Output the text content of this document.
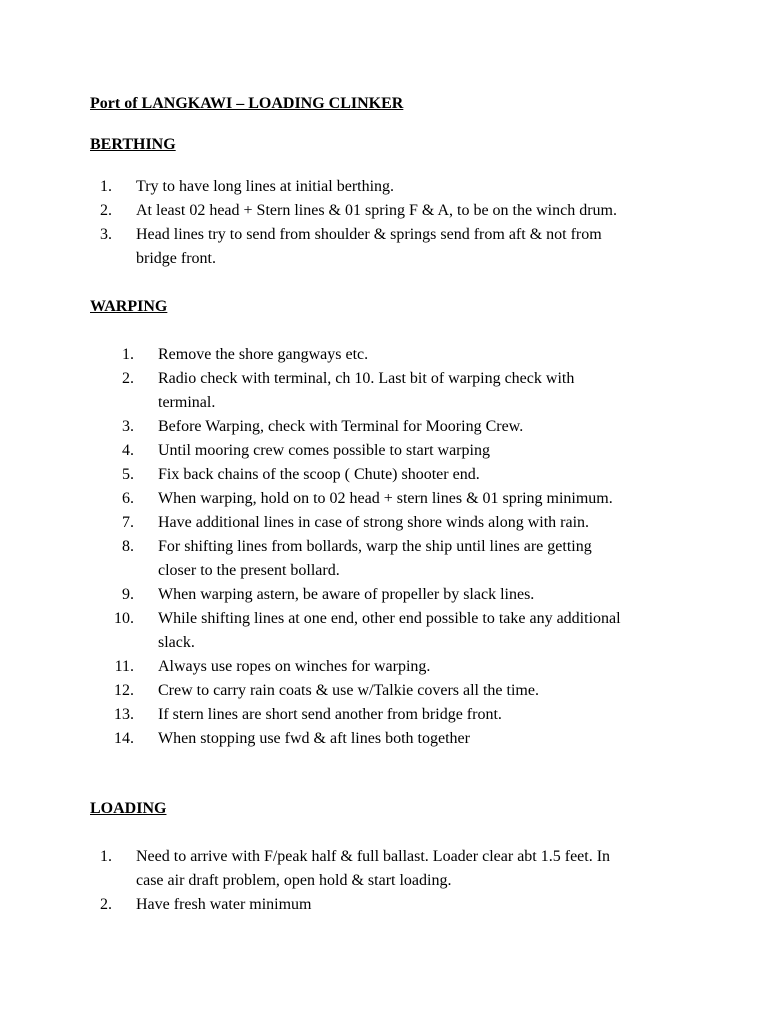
Port of LANGKAWI – LOADING CLINKER
BERTHING
1. Try to have long lines at initial berthing.
2. At least 02 head + Stern lines & 01 spring F & A, to be on the winch drum.
3. Head lines try to send from shoulder & springs send from aft & not from
bridge front.
WARPING
1. Remove the shore gangways etc.
2. Radio check with terminal, ch 10. Last bit of warping check with
terminal.
3. Before Warping, check with Terminal for Mooring Crew.
4. Until mooring crew comes possible to start warping
5. Fix back chains of the scoop ( Chute) shooter end.
6. When warping, hold on to 02 head + stern lines & 01 spring minimum.
7. Have additional lines in case of strong shore winds along with rain.
8. For shifting lines from bollards, warp the ship until lines are getting
closer to the present bollard.
9. When warping astern, be aware of propeller by slack lines.
10. While shifting lines at one end, other end possible to take any additional
slack.
11. Always use ropes on winches for warping.
12. Crew to carry rain coats & use w/Talkie covers all the time.
13. If stern lines are short send another from bridge front.
14. When stopping use fwd & aft lines both together
LOADING
1. Need to arrive with F/peak half & full ballast. Loader clear abt 1.5 feet. In
case air draft problem, open hold & start loading.
2. Have fresh water minimum
